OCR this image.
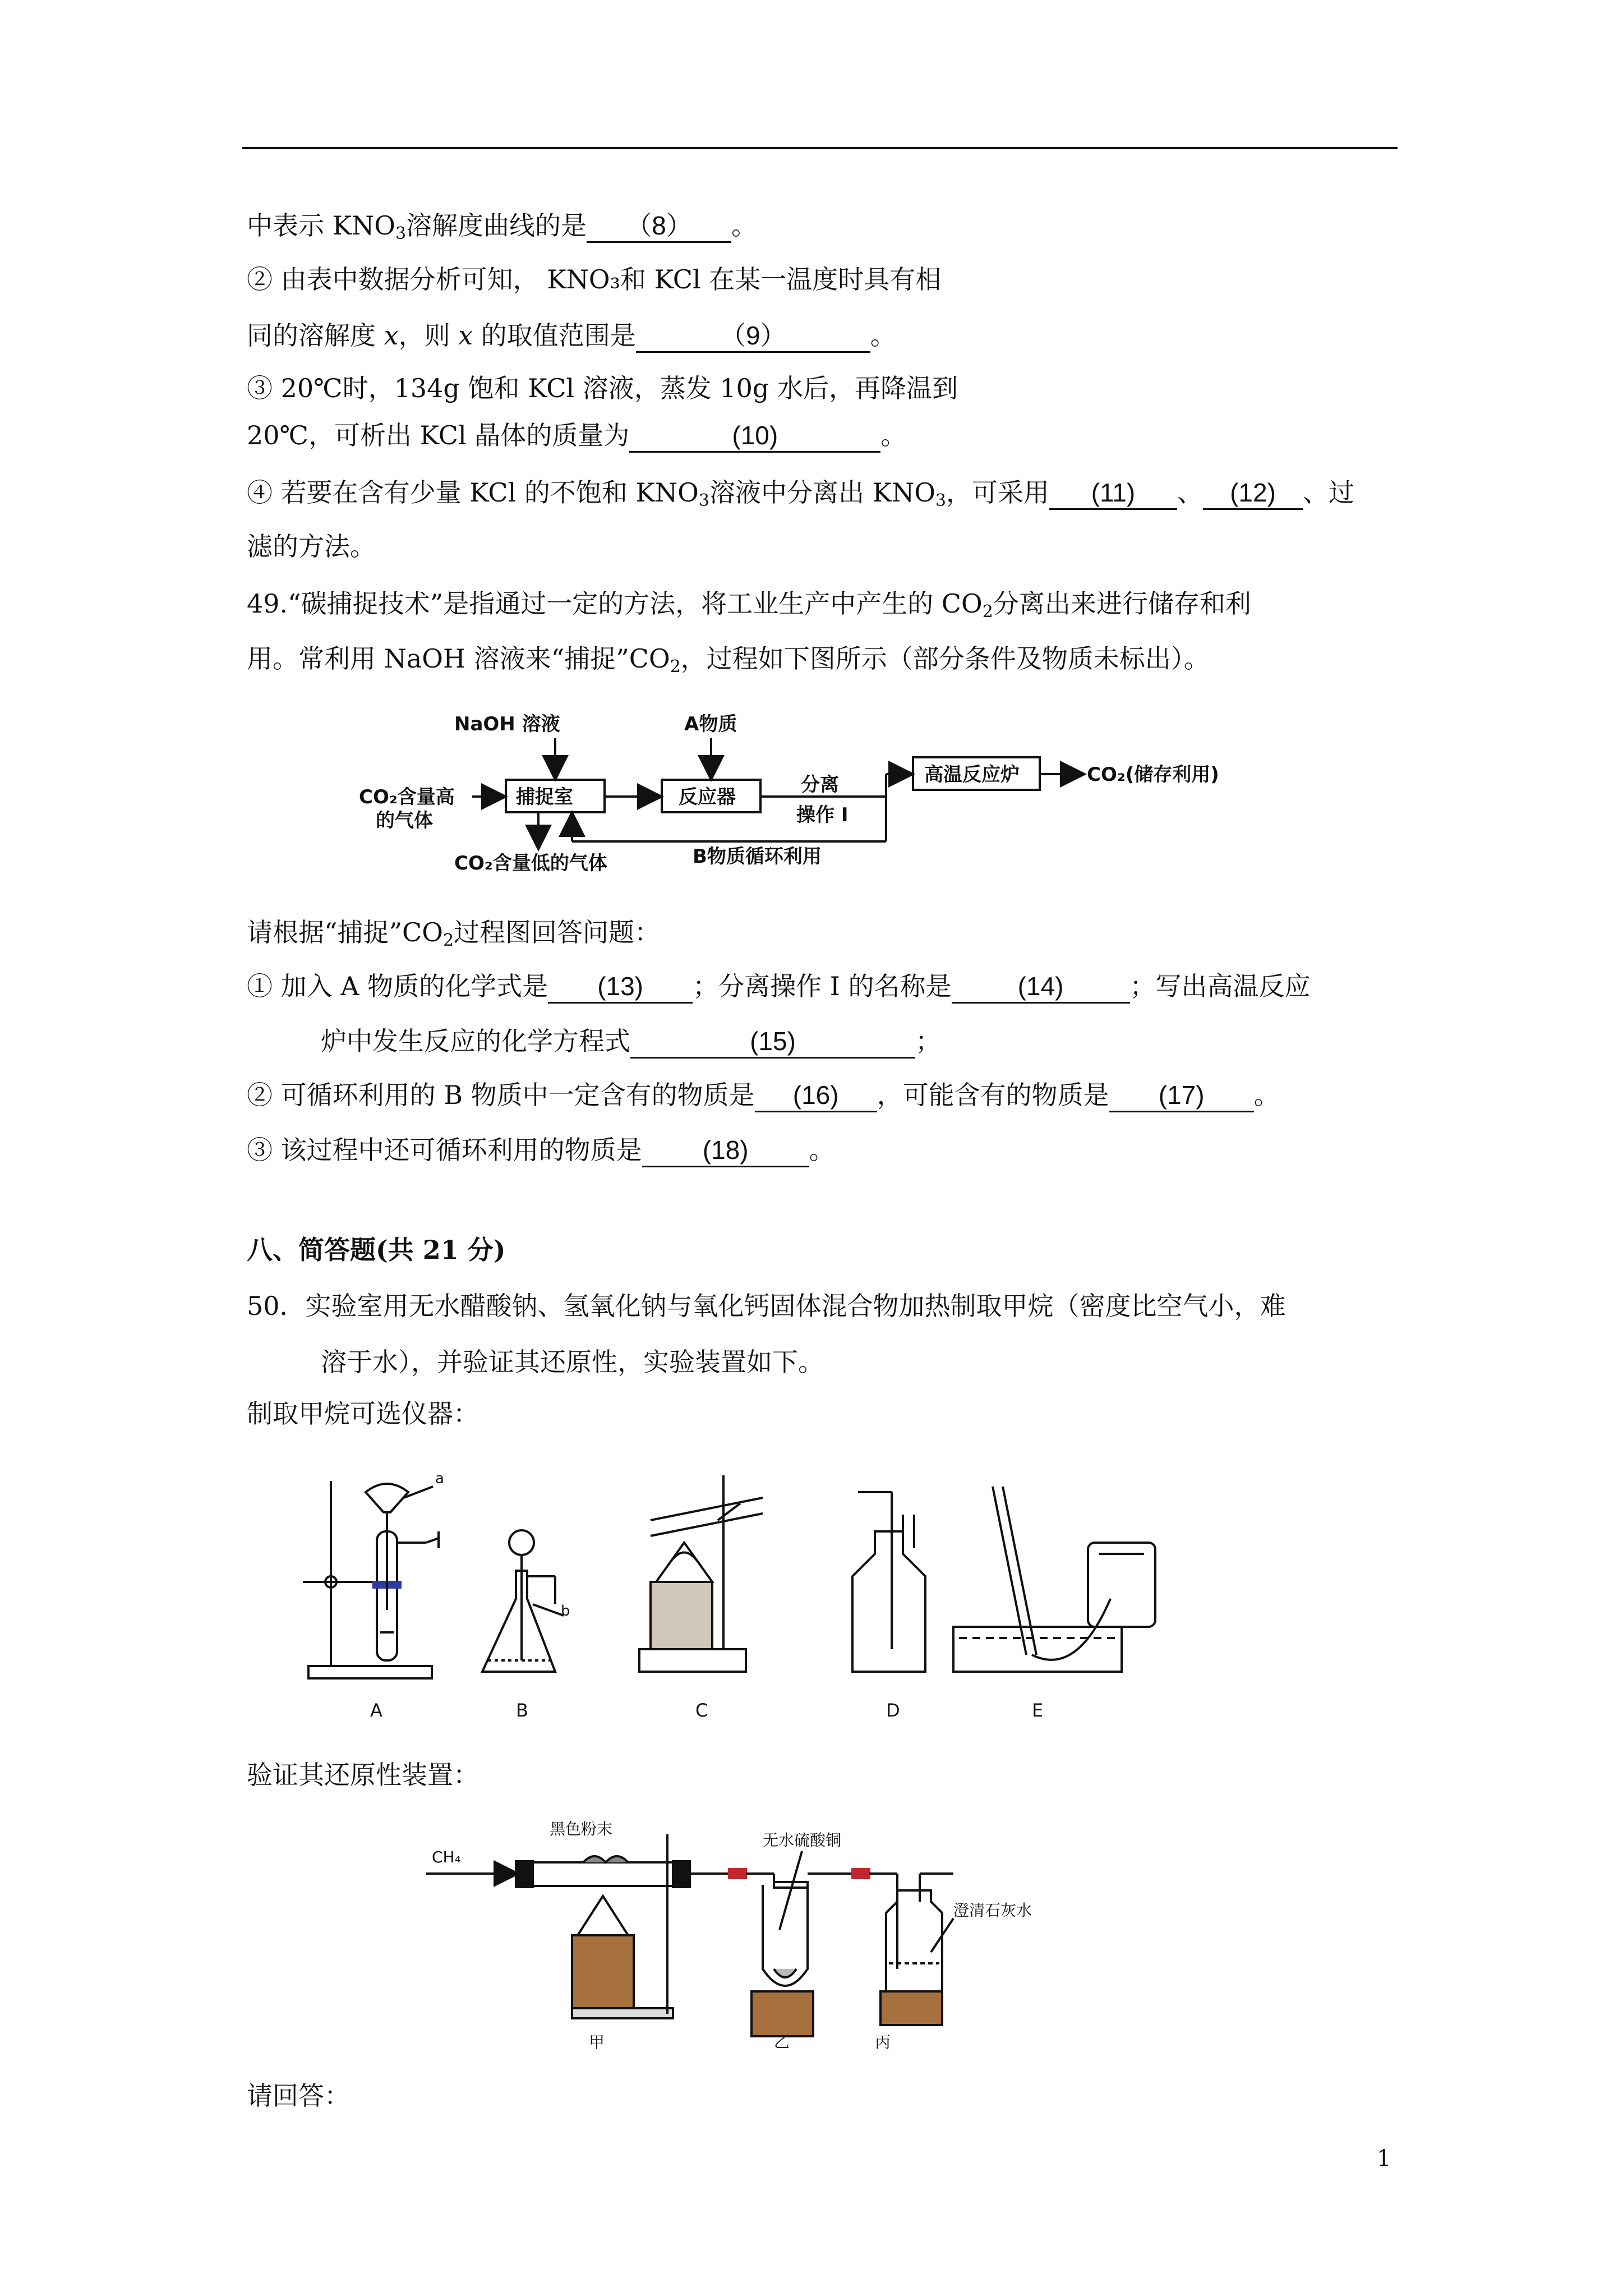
中表示 $KNO_3$溶解度曲线的是 （8） 。
② 由表中数据分析可知， KNO₃和 KCl 在某一温度时具有相
同的溶解度 x，则 x 的取值范围是	（9）	。
③ 20℃时，134g 饱和 KCl 溶液，蒸发 10g 水后，再降温到
20℃，可析出 KCl 晶体的质量为	(10)	。
④ 若要在含有少量 KCl 的不饱和 $KNO_3$溶液中分离出 $KNO_3$，可采用 (11) 、 (12) 、过
滤的方法。
49.“碳捕捉技术”是指通过一定的方法，将工业生产中产生的 $CO_2$分离出来进行储存和利
用。常利用 NaOH 溶液来“捕捉$”CO_2$，过程如下图所示（部分条件及物质未标出）。
NaOH 溶液	A物质
CO₂含量高
的气体
捕捉室	反应器
分离
操作 I
高温反应炉	CO₂(储存利用)
CO₂含量低的气体	B物质循环利用
请根据“捕捉$”CO_2$过程图回答问题：
① 加入 A 物质的化学式是 (13) ；分离操作 I 的名称是	(14)	；写出高温反应
炉中发生反应的化学方程式	(15)	；
② 可循环利用的 B 物质中一定含有的物质是 (16) ，可能含有的物质是 (17) 。
③ 该过程中还可循环利用的物质是 (18) 。
八、简答题(共 21 分)
50．实验室用无水醋酸钠、氢氧化钠与氧化钙固体混合物加热制取甲烷（密度比空气小，难
溶于水），并验证其还原性，实验装置如下。
制取甲烷可选仪器：
A	B	C	D	E
a
b
验证其还原性装置：
黑色粉末
CH₄
无水硫酸铜
澄清石灰水
甲	乙	丙
请回答：
1
